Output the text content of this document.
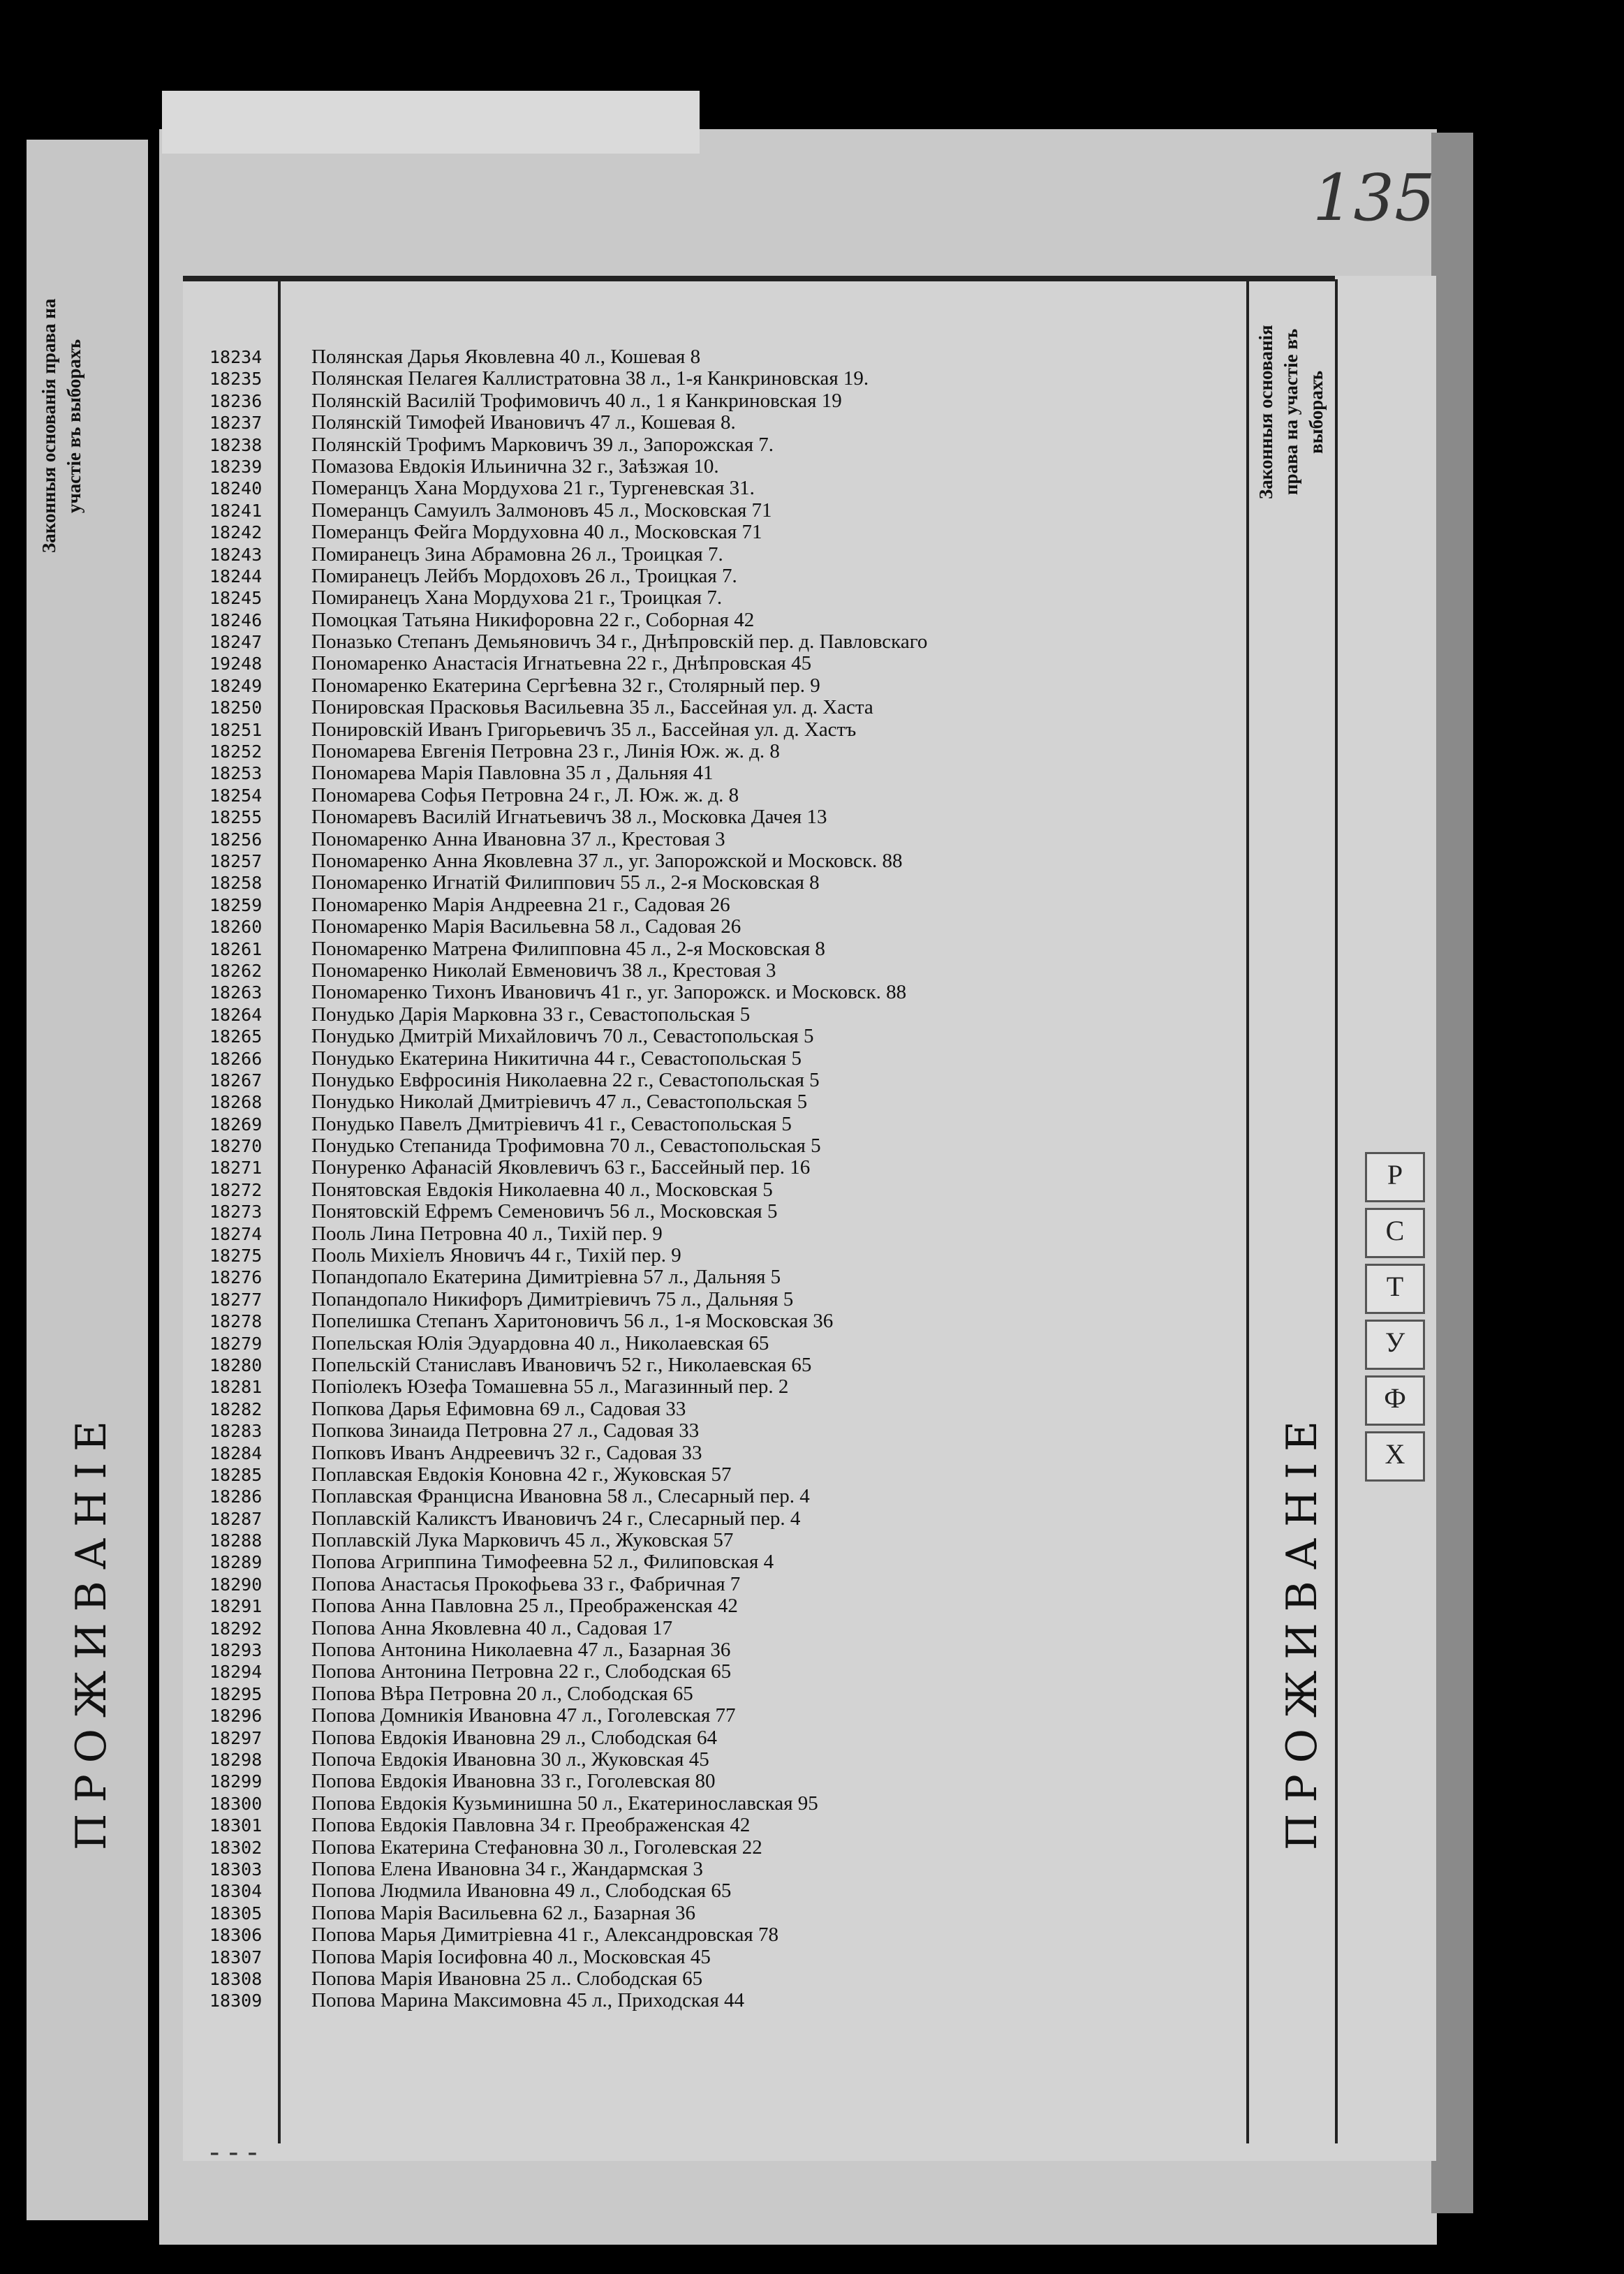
135
Законныя основанія права на участіе въ выборахъ	Законныя основанія права на участіе въ выборахъ
ПРОЖИВАНІЕ	ПРОЖИВАНІЕ
18234	Полянская Дарья Яковлевна 40 л., Кошевая 8
18235	Полянская Пелагея Каллистратовна 38 л., 1-я Канкриновская 19.
18236	Полянскій Василій Трофимовичъ 40 л., 1 я Канкриновская 19
18237	Полянскій Тимофей Ивановичъ 47 л., Кошевая 8.
18238	Полянскій Трофимъ Марковичъ 39 л., Запорожская 7.
18239	Помазова Евдокія Ильинична 32 г., Заѣзжая 10.
18240	Померанцъ Хана Мордухова 21 г., Тургеневская 31.
18241	Померанцъ Самуилъ Залмоновъ 45 л., Московская 71
18242	Померанцъ Фейга Мордуховна 40 л., Московская 71
18243	Помиранецъ Зина Абрамовна 26 л., Троицкая 7.
18244	Помиранецъ Лейбъ Мордоховъ 26 л., Троицкая 7.
18245	Помиранецъ Хана Мордухова 21 г., Троицкая 7.
18246	Помоцкая Татьяна Никифоровна 22 г., Соборная 42
18247	Поназько Степанъ Демьяновичъ 34 г., Днѣпровскій пер. д. Павловскаго
19248	Пономаренко Анастасія Игнатьевна 22 г., Днѣпровская 45
18249	Пономаренко Екатерина Сергѣевна 32 г., Столярный пер. 9
18250	Понировская Прасковья Васильевна 35 л., Бассейная ул. д. Хаста
18251	Понировскій Иванъ Григорьевичъ 35 л., Бассейная ул. д. Хастъ
18252	Пономарева Евгенія Петровна 23 г., Линія Юж. ж. д. 8
18253	Пономарева Марія Павловна 35 л , Дальняя 41
18254	Пономарева Софья Петровна 24 г., Л. Юж. ж. д. 8
18255	Пономаревъ Василій Игнатьевичъ 38 л., Московка Дачея 13
18256	Пономаренко Анна Ивановна 37 л., Крестовая 3
18257	Пономаренко Анна Яковлевна 37 л., уг. Запорожской и Московск. 88
18258	Пономаренко Игнатій Филиппович 55 л., 2-я Московская 8
18259	Пономаренко Марія Андреевна 21 г., Садовая 26
18260	Пономаренко Марія Васильевна 58 л., Садовая 26
18261	Пономаренко Матрена Филипповна 45 л., 2-я Московская 8
18262	Пономаренко Николай Евменовичъ 38 л., Крестовая 3
18263	Пономаренко Тихонъ Ивановичъ 41 г., уг. Запорожск. и Московск. 88
18264	Понудько Дарія Марковна 33 г., Севастопольская 5
18265	Понудько Дмитрій Михайловичъ 70 л., Севастопольская 5
18266	Понудько Екатерина Никитична 44 г., Севастопольская 5
18267	Понудько Евфросинія Николаевна 22 г., Севастопольская 5
18268	Понудько Николай Дмитріевичъ 47 л., Севастопольская 5
18269	Понудько Павелъ Дмитріевичъ 41 г., Севастопольская 5
18270	Понудько Степанида Трофимовна 70 л., Севастопольская 5
18271	Понуренко Афанасій Яковлевичъ 63 г., Бассейный пер. 16
18272	Понятовская Евдокія Николаевна 40 л., Московская 5
18273	Понятовскій Ефремъ Семеновичъ 56 л., Московская 5
18274	Пооль Лина Петровна 40 л., Тихій пер. 9
18275	Пооль Михіелъ Яновичъ 44 г., Тихій пер. 9
18276	Попандопало Екатерина Димитріевна 57 л., Дальняя 5
18277	Попандопало Никифоръ Димитріевичъ 75 л., Дальняя 5
18278	Попелишка Степанъ Харитоновичъ 56 л., 1-я Московская 36
18279	Попельская Юлія Эдуардовна 40 л., Николаевская 65
18280	Попельскій Станиславъ Ивановичъ 52 г., Николаевская 65
18281	Попіолекъ Юзефа Томашевна 55 л., Магазинный пер. 2
18282	Попкова Дарья Ефимовна 69 л., Садовая 33
18283	Попкова Зинаида Петровна 27 л., Садовая 33
18284	Попковъ Иванъ Андреевичъ 32 г., Садовая 33
18285	Поплавская Евдокія Коновна 42 г., Жуковская 57
18286	Поплавская Францисна Ивановна 58 л., Слесарный пер. 4
18287	Поплавскій Каликстъ Ивановичъ 24 г., Слесарный пер. 4
18288	Поплавскій Лука Марковичъ 45 л., Жуковская 57
18289	Попова Агриппина Тимофеевна 52 л., Филиповская 4
18290	Попова Анастасья Прокофьева 33 г., Фабричная 7
18291	Попова Анна Павловна 25 л., Преображенская 42
18292	Попова Анна Яковлевна 40 л., Садовая 17
18293	Попова Антонина Николаевна 47 л., Базарная 36
18294	Попова Антонина Петровна 22 г., Слободская 65
18295	Попова Вѣра Петровна 20 л., Слободская 65
18296	Попова Домникія Ивановна 47 л., Гоголевская 77
18297	Попова Евдокія Ивановна 29 л., Слободская 64
18298	Попоча Евдокія Ивановна 30 л., Жуковская 45
18299	Попова Евдокія Ивановна 33 г., Гоголевская 80
18300	Попова Евдокія Кузьминишна 50 л., Екатеринославская 95
18301	Попова Евдокія Павловна 34 г. Преображенская 42
18302	Попова Екатерина Стефановна 30 л., Гоголевская 22
18303	Попова Елена Ивановна 34 г., Жандармская 3
18304	Попова Людмила Ивановна 49 л., Слободская 65
18305	Попова Марія Васильевна 62 л., Базарная 36
18306	Попова Марья Димитріевна 41 г., Александровская 78
18307	Попова Марія Іосифовна 40 л., Московская 45
18308	Попова Марія Ивановна 25 л.. Слободская 65
18309	Попова Марина Максимовна 45 л., Приходская 44
Р
С
Т
У
Ф
Х
- - -
